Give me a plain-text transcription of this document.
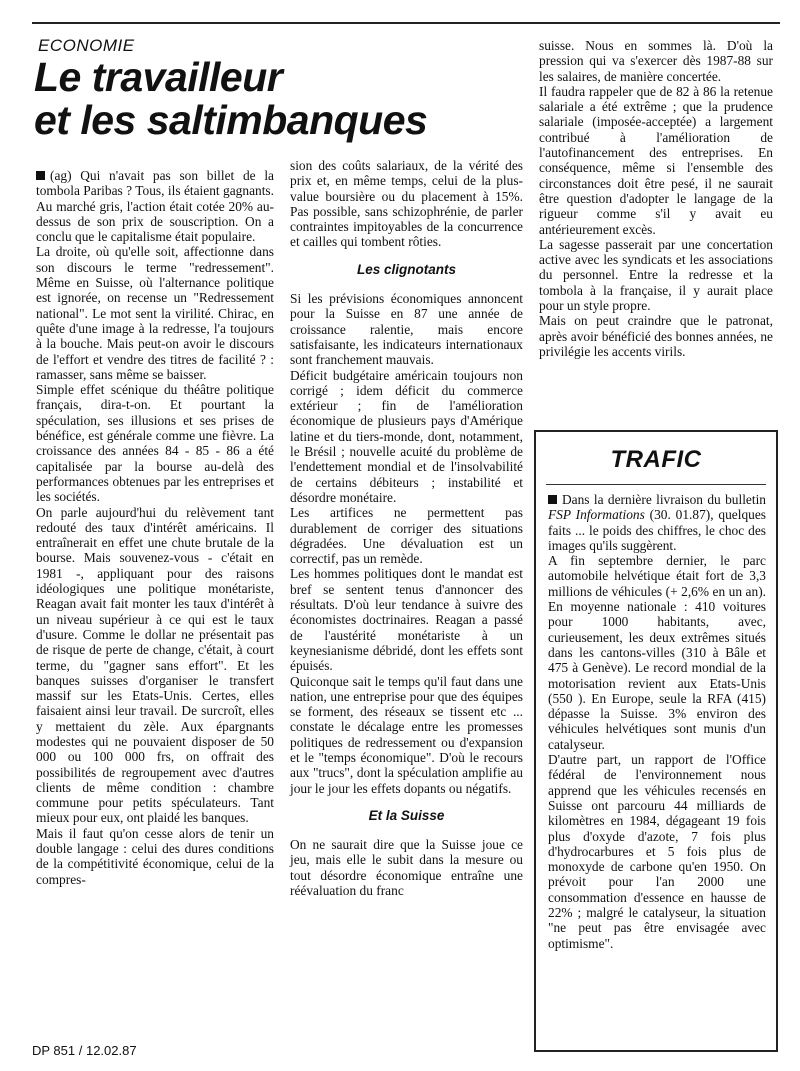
ECONOMIE
Le travailleur
et les saltimbanques

(ag) Qui n'avait pas son billet de la tombola Paribas ? Tous, ils étaient gagnants. Au marché gris, l'action était cotée 20% au-dessus de son prix de souscription. On a conclu que le capitalisme était populaire.

La droite, où qu'elle soit, affectionne dans son discours le terme "redressement". Même en Suisse, où l'alternance politique est ignorée, on recense un "Redressement national". Le mot sent la virilité. Chirac, en quête d'une image à la redresse, l'a toujours à la bouche. Mais peut-on avoir le discours de l'effort et vendre des titres de facilité ? : ramasser, sans même se baisser.

Simple effet scénique du théâtre politique français, dira-t-on. Et pourtant la spéculation, ses illusions et ses prises de bénéfice, est générale comme une fièvre. La croissance des années 84 - 85 - 86 a été capitalisée par la bourse au-delà des performances obtenues par les entreprises et les sociétés.

On parle aujourd'hui du relèvement tant redouté des taux d'intérêt américains. Il entraînerait en effet une chute brutale de la bourse. Mais souvenez-vous - c'était en 1981 -, appliquant pour des raisons idéologiques une politique monétariste, Reagan avait fait monter les taux d'intérêt à un niveau supérieur à ce qui est le taux d'usure. Comme le dollar ne présentait pas de risque de perte de change, c'était, à court terme, du "gagner sans effort". Et les banques suisses d'organiser le transfert massif sur les Etats-Unis. Certes, elles faisaient ainsi leur travail. De surcroît, elles y mettaient du zèle. Aux épargnants modestes qui ne pouvaient disposer de 50 000 ou 100 000 frs, on offrait des possibilités de regroupement avec d'autres clients de même condition : chambre commune pour petits spéculateurs. Tant mieux pour eux, ont plaidé les banques.

Mais il faut qu'on cesse alors de tenir un double langage : celui des dures conditions de la compétitivité économique, celui de la compres-

sion des coûts salariaux, de la vérité des prix et, en même temps, celui de la plus-value boursière ou du placement à 15%. Pas possible, sans schizophrénie, de parler contraintes impitoyables de la concurrence et cailles qui tombent rôties.

Les clignotants

Si les prévisions économiques annoncent pour la Suisse en 87 une année de croissance ralentie, mais encore satisfaisante, les indicateurs internationaux sont franchement mauvais.

Déficit budgétaire américain toujours non corrigé ; idem déficit du commerce extérieur ; fin de l'amélioration économique de plusieurs pays d'Amérique latine et du tiers-monde, dont, notamment, le Brésil ; nouvelle acuité du problème de l'endettement mondial et de l'insolvabilité de certains débiteurs ; instabilité et désordre monétaire.

Les artifices ne permettent pas durablement de corriger des situations dégradées. Une dévaluation est un correctif, pas un remède.

Les hommes politiques dont le mandat est bref se sentent tenus d'annoncer des résultats. D'où leur tendance à suivre des économistes doctrinaires. Reagan a passé de l'austérité monétariste à un keynesianisme débridé, dont les effets sont épuisés.

Quiconque sait le temps qu'il faut dans une nation, une entreprise pour que des équipes se forment, des réseaux se tissent etc ... constate le décalage entre les promesses politiques de redressement ou d'expansion et le "temps économique". D'où le recours aux "trucs", dont la spéculation amplifie au jour le jour les effets dopants ou négatifs.

Et la Suisse

On ne saurait dire que la Suisse joue ce jeu, mais elle le subit dans la mesure ou tout désordre économique entraîne une réévaluation du franc

suisse. Nous en sommes là. D'où la pression qui va s'exercer dès 1987-88 sur les salaires, de manière concertée.

Il faudra rappeler que de 82 à 86 la retenue salariale a été extrême ; que la prudence salariale (imposée-acceptée) a largement contribué à l'amélioration de l'autofinancement des entreprises. En conséquence, même si l'ensemble des circonstances doit être pesé, il ne saurait être question d'adopter le langage de la rigueur comme s'il y avait eu antérieurement excès.

La sagesse passerait par une concertation active avec les syndicats et les associations du personnel. Entre la redresse et la tombola à la française, il y aurait place pour un style propre.

Mais on peut craindre que le patronat, après avoir bénéficié des bonnes années, ne privilégie les accents virils.

TRAFIC

Dans la dernière livraison du bulletin FSP Informations (30. 01.87), quelques faits ... le poids des chiffres, le choc des images qu'ils suggèrent.

A fin septembre dernier, le parc automobile helvétique était fort de 3,3 millions de véhicules (+ 2,6% en un an). En moyenne nationale : 410 voitures pour 1000 habitants, avec, curieusement, les deux extrêmes situés dans les cantons-villes (310 à Bâle et 475 à Genève). Le record mondial de la motorisation revient aux Etats-Unis (550 ). En Europe, seule la RFA (415) dépasse la Suisse. 3% environ des véhicules helvétiques sont munis d'un catalyseur.

D'autre part, un rapport de l'Office fédéral de l'environnement nous apprend que les véhicules recensés en Suisse ont parcouru 44 milliards de kilomètres en 1984, dégageant 19 fois plus d'oxyde d'azote, 7 fois plus d'hydrocarbures et 5 fois plus de monoxyde de carbone qu'en 1950. On prévoit pour l'an 2000 une consommation d'essence en hausse de 22% ; malgré le catalyseur, la situation "ne peut pas être envisagée avec optimisme".

DP 851 / 12.02.87
